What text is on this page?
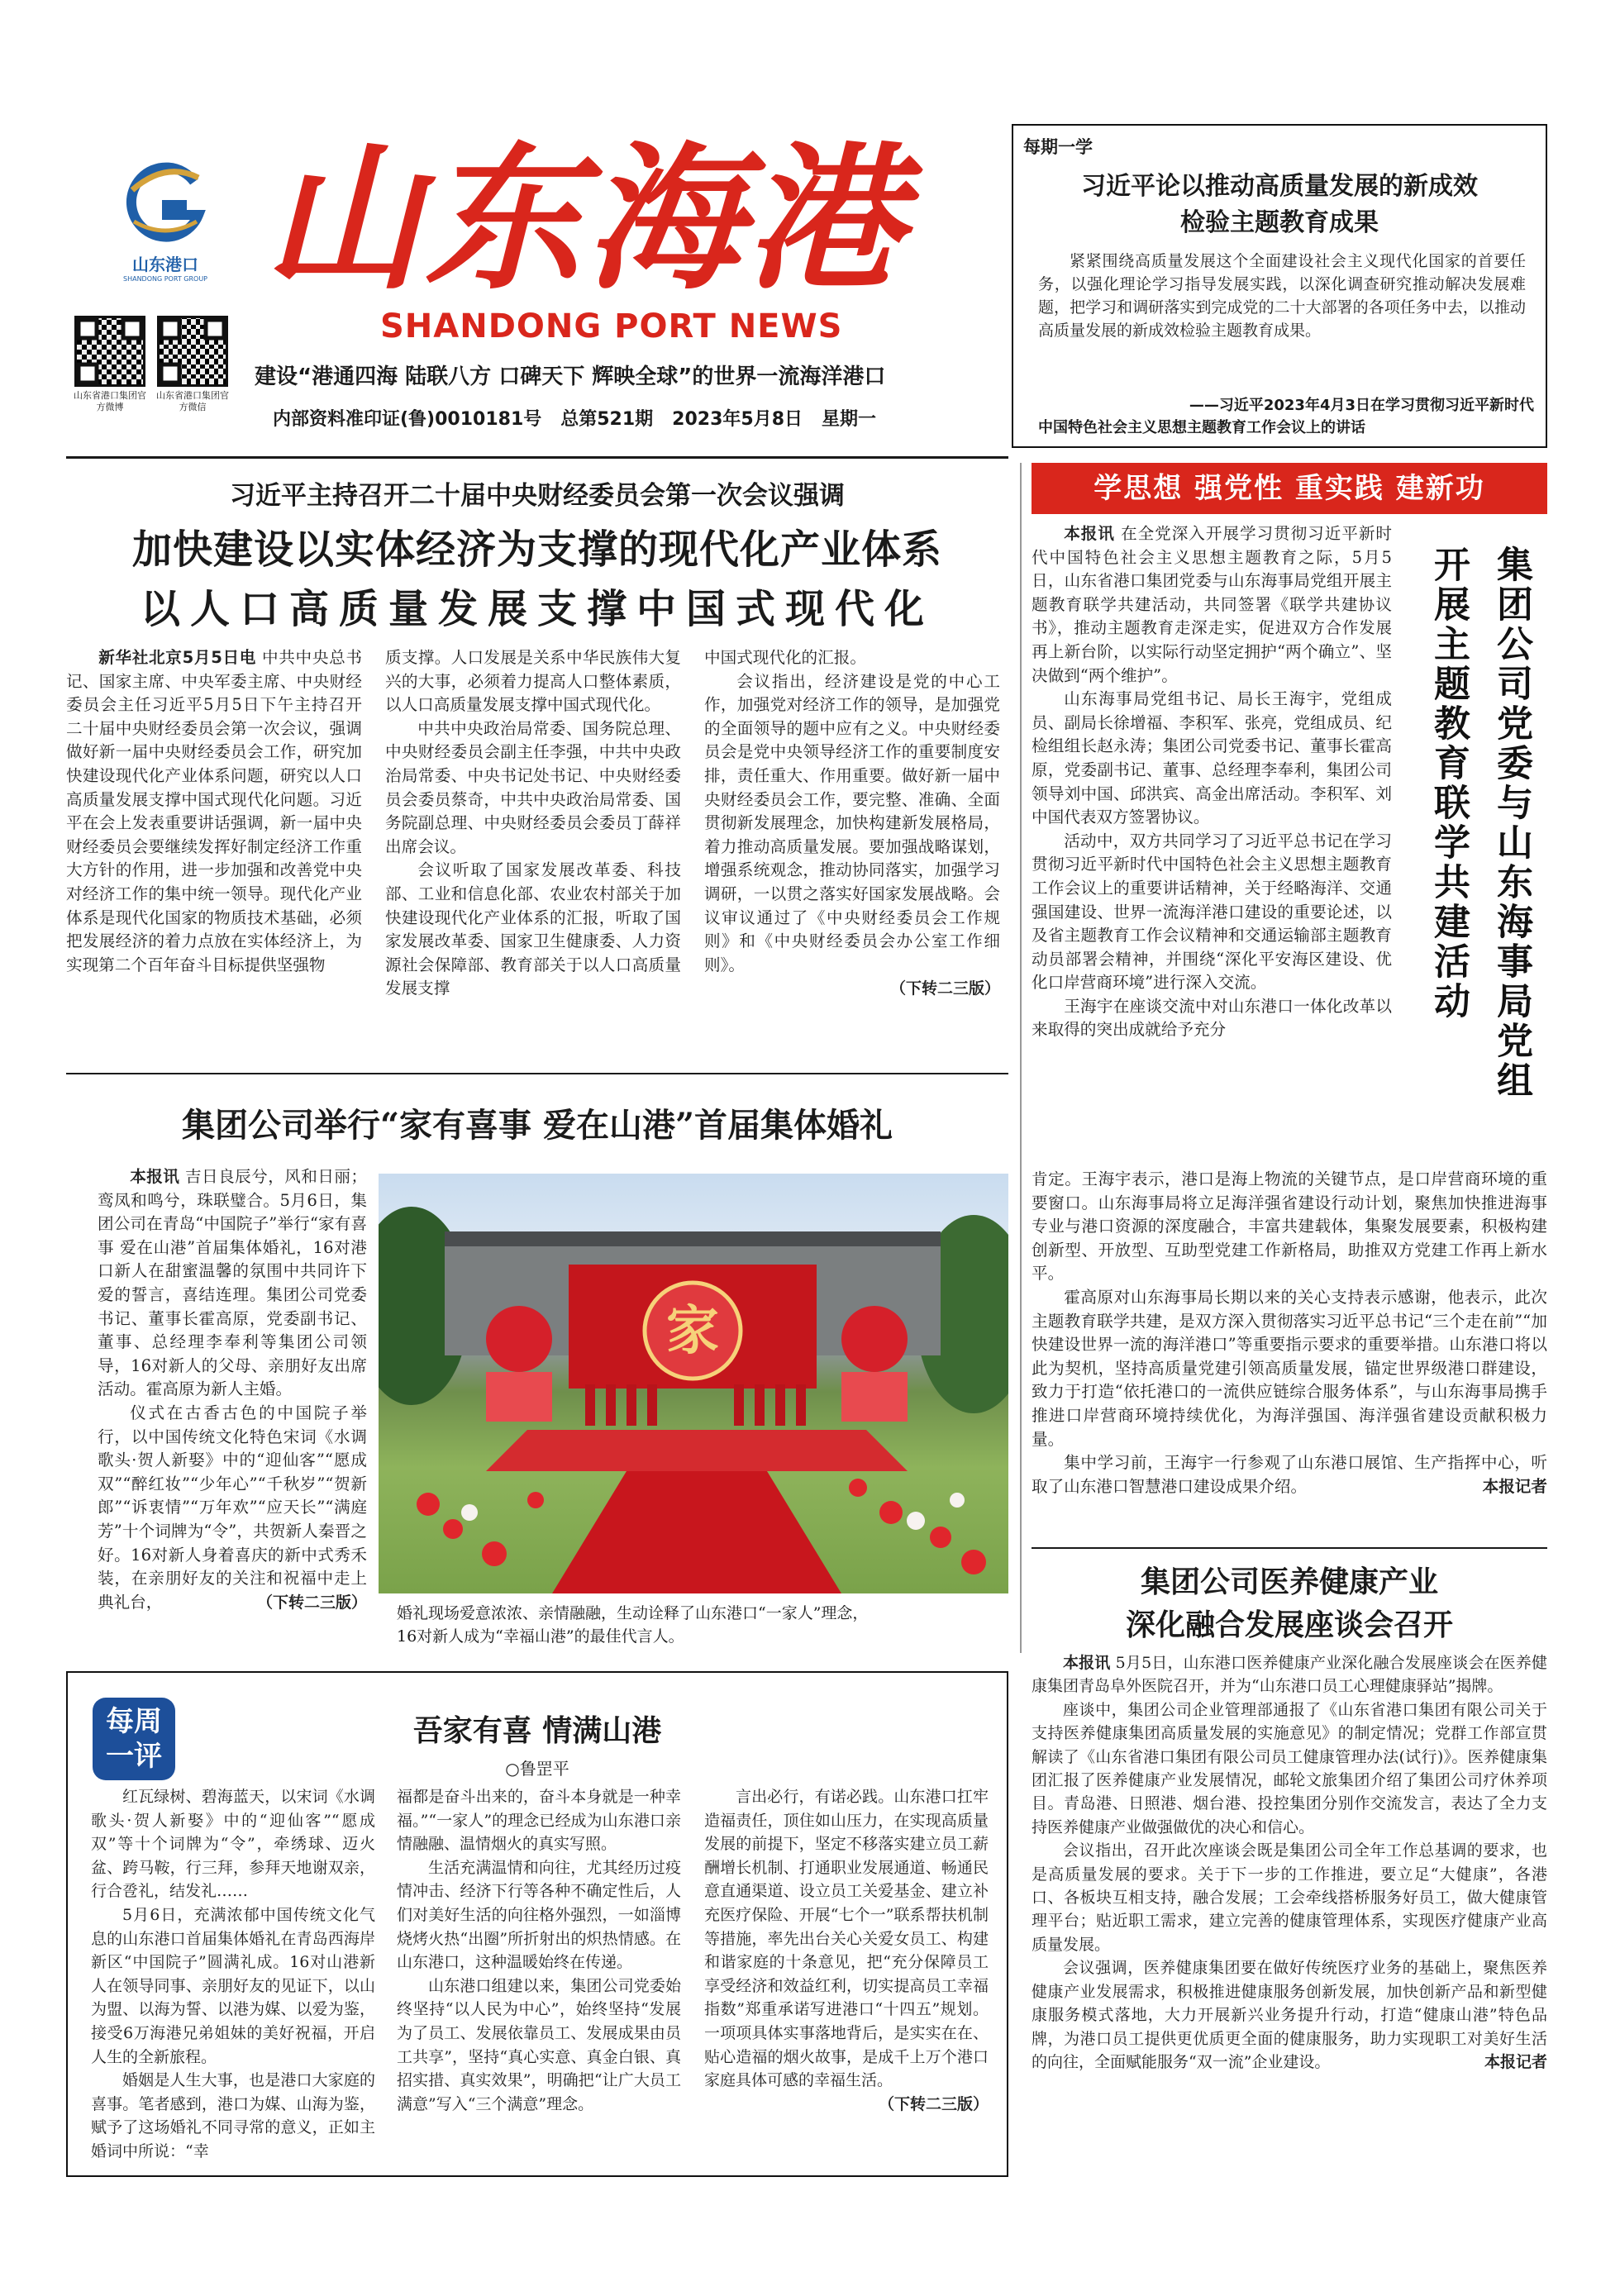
山东港口
SHANDONG PORT GROUP 山东海港
SHANDONG PORT NEWS
山东省港口集团官方微博
山东省港口集团官方微信
建设“港通四海 陆联八方 口碑天下 辉映全球”的世界一流海洋港口
内部资料准印证(鲁)0010181号 总第521期 2023年5月8日 星期一
每期一学
习近平论以推动高质量发展的新成效
检验主题教育成果

紧紧围绕高质量发展这个全面建设社会主义现代化国家的首要任务，以强化理论学习指导发展实践，以深化调查研究推动解决发展难题，把学习和调研落实到完成党的二十大部署的各项任务中去，以推动高质量发展的新成效检验主题教育成果。

——习近平2023年4月3日在学习贯彻习近平新时代
中国特色社会主义思想主题教育工作会议上的讲话
习近平主持召开二十届中央财经委员会第一次会议强调
加快建设以实体经济为支撑的现代化产业体系
以人口高质量发展支撑中国式现代化

新华社北京5月5日电 中共中央总书记、国家主席、中央军委主席、中央财经委员会主任习近平5月5日下午主持召开二十届中央财经委员会第一次会议，强调做好新一届中央财经委员会工作，研究加快建设现代化产业体系问题，研究以人口高质量发展支撑中国式现代化问题。习近平在会上发表重要讲话强调，新一届中央财经委员会要继续发挥好制定经济工作重大方针的作用，进一步加强和改善党中央对经济工作的集中统一领导。现代化产业体系是现代化国家的物质技术基础，必须把发展经济的着力点放在实体经济上，为实现第二个百年奋斗目标提供坚强物

质支撑。人口发展是关系中华民族伟大复兴的大事，必须着力提高人口整体素质，以人口高质量发展支撑中国式现代化。

中共中央政治局常委、国务院总理、中央财经委员会副主任李强，中共中央政治局常委、中央书记处书记、中央财经委员会委员蔡奇，中共中央政治局常委、国务院副总理、中央财经委员会委员丁薛祥出席会议。

会议听取了国家发展改革委、科技部、工业和信息化部、农业农村部关于加快建设现代化产业体系的汇报，听取了国家发展改革委、国家卫生健康委、人力资源社会保障部、教育部关于以人口高质量发展支撑

中国式现代化的汇报。

会议指出，经济建设是党的中心工作，加强党对经济工作的领导，是加强党的全面领导的题中应有之义。中央财经委员会是党中央领导经济工作的重要制度安排，责任重大、作用重要。做好新一届中央财经委员会工作，要完整、准确、全面贯彻新发展理念，加快构建新发展格局，着力推动高质量发展。要加强战略谋划，增强系统观念，推动协同落实，加强学习调研，一以贯之落实好国家发展战略。会议审议通过了《中央财经委员会工作规则》和《中央财经委员会办公室工作细则》。

（下转二三版）
学思想 强党性 重实践 建新功
集团公司党委与山东海事局党组
开展主题教育联学共建活动

本报讯 在全党深入开展学习贯彻习近平新时代中国特色社会主义思想主题教育之际，5月5日，山东省港口集团党委与山东海事局党组开展主题教育联学共建活动，共同签署《联学共建协议书》，推动主题教育走深走实，促进双方合作发展再上新台阶，以实际行动坚定拥护“两个确立”、坚决做到“两个维护”。

山东海事局党组书记、局长王海宇，党组成员、副局长徐增福、李积军、张亮，党组成员、纪检组组长赵永涛；集团公司党委书记、董事长霍高原，党委副书记、董事、总经理李奉利，集团公司领导刘中国、邱洪宾、高金出席活动。李积军、刘中国代表双方签署协议。

活动中，双方共同学习了习近平总书记在学习贯彻习近平新时代中国特色社会主义思想主题教育工作会议上的重要讲话精神，关于经略海洋、交通强国建设、世界一流海洋港口建设的重要论述，以及省主题教育工作会议精神和交通运输部主题教育动员部署会精神，并围绕“深化平安海区建设、优化口岸营商环境”进行深入交流。

王海宇在座谈交流中对山东港口一体化改革以来取得的突出成就给予充分

肯定。王海宇表示，港口是海上物流的关键节点，是口岸营商环境的重要窗口。山东海事局将立足海洋强省建设行动计划，聚焦加快推进海事专业与港口资源的深度融合，丰富共建载体，集聚发展要素，积极构建创新型、开放型、互助型党建工作新格局，助推双方党建工作再上新水平。

霍高原对山东海事局长期以来的关心支持表示感谢，他表示，此次主题教育联学共建，是双方深入贯彻落实习近平总书记“三个走在前”“加快建设世界一流的海洋港口”等重要指示要求的重要举措。山东港口将以此为契机，坚持高质量党建引领高质量发展，锚定世界级港口群建设，致力于打造“依托港口的一流供应链综合服务体系”，与山东海事局携手推进口岸营商环境持续优化，为海洋强国、海洋强省建设贡献积极力量。

集中学习前，王海宇一行参观了山东港口展馆、生产指挥中心，听取了山东港口智慧港口建设成果介绍。	本报记者

集团公司举行“家有喜事 爱在山港”首届集体婚礼

本报讯 吉日良辰兮，风和日丽；鸾凤和鸣兮，珠联璧合。5月6日，集团公司在青岛“中国院子”举行“家有喜事 爱在山港”首届集体婚礼，16对港口新人在甜蜜温馨的氛围中共同许下爱的誓言，喜结连理。集团公司党委书记、董事长霍高原，党委副书记、董事、总经理李奉利等集团公司领导，16对新人的父母、亲朋好友出席活动。霍高原为新人主婚。

仪式在古香古色的中国院子举行，以中国传统文化特色宋词《水调歌头·贺人新娶》中的“迎仙客”“愿成双”“醉红妆”“少年心”“千秋岁”“贺新郎”“诉衷情”“万年欢”“应天长”“满庭芳”十个词牌为“令”，共贺新人秦晋之好。16对新人身着喜庆的新中式秀禾装，在亲朋好友的关注和祝福中走上典礼台，	（下转二三版）

家
婚礼现场爱意浓浓、亲情融融，生动诠释了山东港口“一家人”理念，
16对新人成为“幸福山港”的最佳代言人。
每周
一评
吾家有喜 情满山港
○鲁罡平

红瓦绿树、碧海蓝天，以宋词《水调歌头·贺人新娶》中的“迎仙客”“愿成双”等十个词牌为“令”，牵绣球、迈火盆、跨马鞍，行三拜，参拜天地谢双亲，行合卺礼，结发礼……

5月6日，充满浓郁中国传统文化气息的山东港口首届集体婚礼在青岛西海岸新区“中国院子”圆满礼成。16对山港新人在领导同事、亲朋好友的见证下，以山为盟、以海为誓、以港为媒、以爱为鉴，接受6万海港兄弟姐妹的美好祝福，开启人生的全新旅程。

婚姻是人生大事，也是港口大家庭的喜事。笔者感到，港口为媒、山海为鉴，赋予了这场婚礼不同寻常的意义，正如主婚词中所说：“幸

福都是奋斗出来的，奋斗本身就是一种幸福。”“一家人”的理念已经成为山东港口亲情融融、温情烟火的真实写照。

生活充满温情和向往，尤其经历过疫情冲击、经济下行等各种不确定性后，人们对美好生活的向往格外强烈，一如淄博烧烤火热“出圈”所折射出的炽热情感。在山东港口，这种温暖始终在传递。

山东港口组建以来，集团公司党委始终坚持“以人民为中心”，始终坚持“发展为了员工、发展依靠员工、发展成果由员工共享”，坚持“真心实意、真金白银、真招实措、真实效果”，明确把“让广大员工满意”写入“三个满意”理念。

言出必行，有诺必践。山东港口扛牢造福责任，顶住如山压力，在实现高质量发展的前提下，坚定不移落实建立员工薪酬增长机制、打通职业发展通道、畅通民意直通渠道、设立员工关爱基金、建立补充医疗保险、开展“七个一”联系帮扶机制等措施，率先出台关心关爱女员工、构建和谐家庭的十条意见，把“充分保障员工享受经济和效益红利，切实提高员工幸福指数”郑重承诺写进港口“十四五”规划。一项项具体实事落地背后，是实实在在、贴心造福的烟火故事，是成千上万个港口家庭具体可感的幸福生活。

（下转二三版）
集团公司医养健康产业
深化融合发展座谈会召开

本报讯 5月5日，山东港口医养健康产业深化融合发展座谈会在医养健康集团青岛阜外医院召开，并为“山东港口员工心理健康驿站”揭牌。

座谈中，集团公司企业管理部通报了《山东省港口集团有限公司关于支持医养健康集团高质量发展的实施意见》的制定情况；党群工作部宣贯解读了《山东省港口集团有限公司员工健康管理办法(试行)》。医养健康集团汇报了医养健康产业发展情况，邮轮文旅集团介绍了集团公司疗休养项目。青岛港、日照港、烟台港、投控集团分别作交流发言，表达了全力支持医养健康产业做强做优的决心和信心。

会议指出，召开此次座谈会既是集团公司全年工作总基调的要求，也是高质量发展的要求。关于下一步的工作推进，要立足“大健康”，各港口、各板块互相支持，融合发展；工会牵线搭桥服务好员工，做大健康管理平台；贴近职工需求，建立完善的健康管理体系，实现医疗健康产业高质量发展。

会议强调，医养健康集团要在做好传统医疗业务的基础上，聚焦医养健康产业发展需求，积极推进健康服务创新发展，加快创新产品和新型健康服务模式落地，大力开展新兴业务提升行动，打造“健康山港”特色品牌，为港口员工提供更优质更全面的健康服务，助力实现职工对美好生活的向往，全面赋能服务“双一流”企业建设。	本报记者
